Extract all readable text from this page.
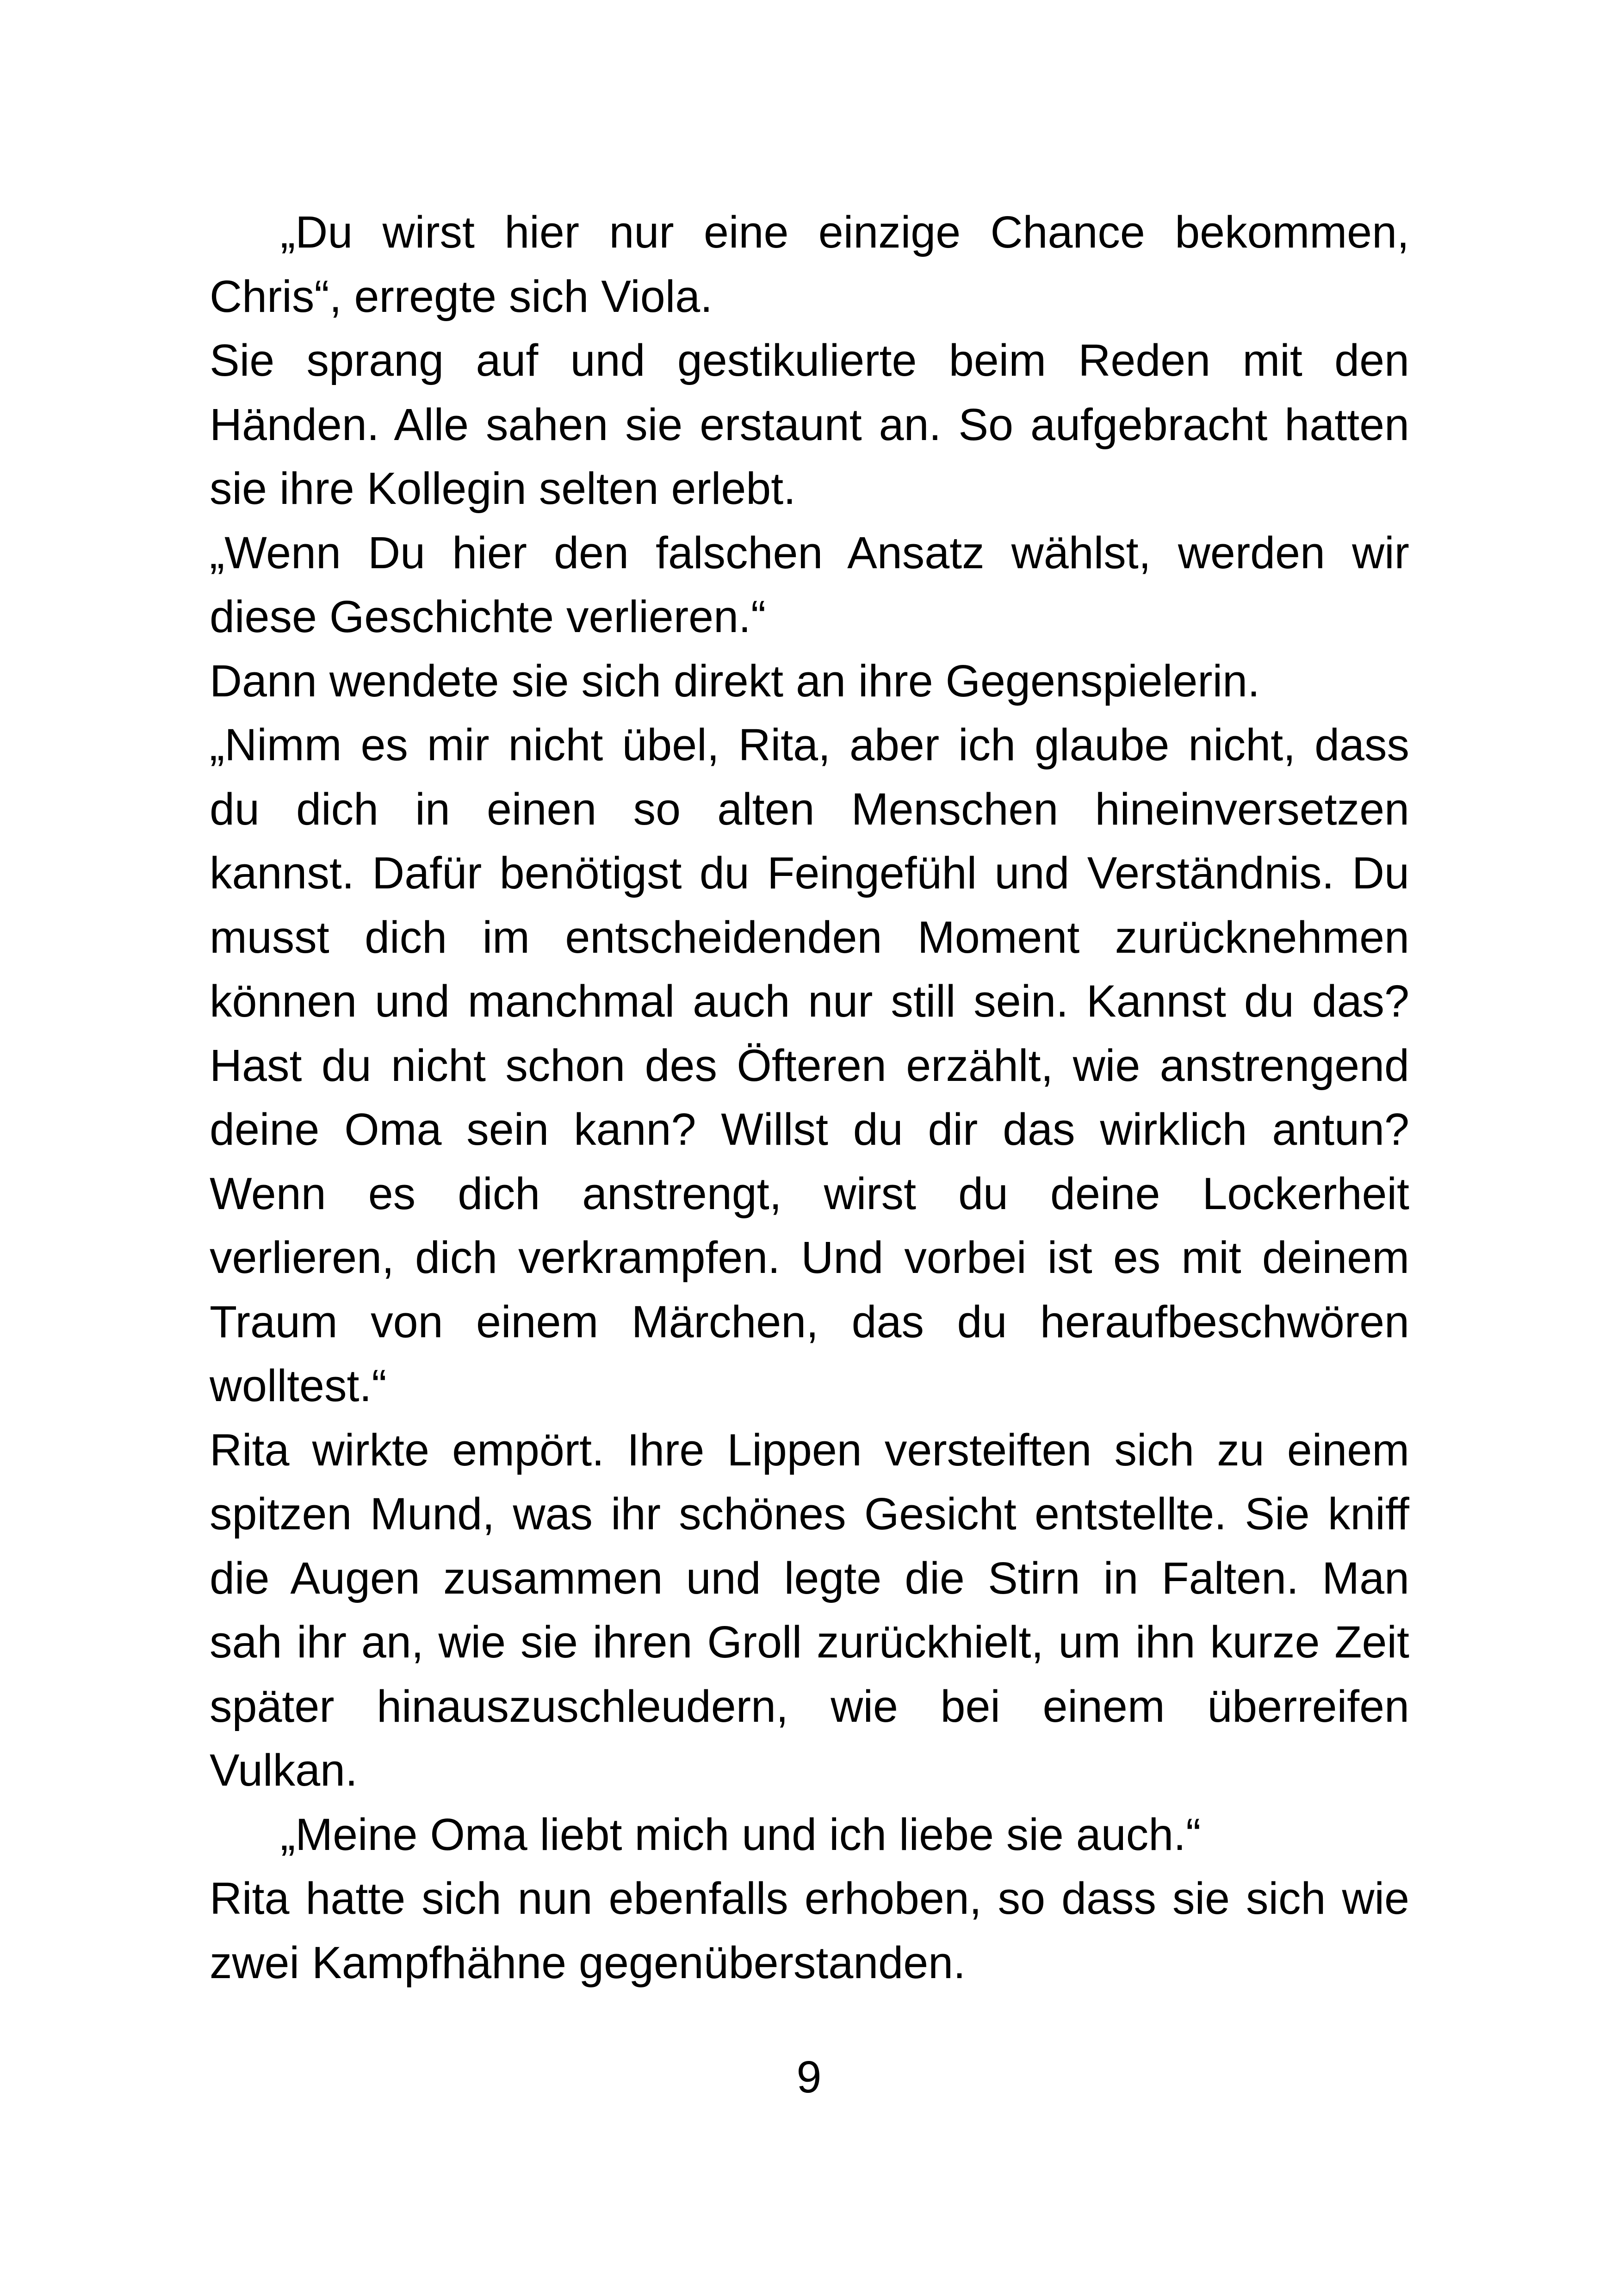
„Du wirst hier nur eine einzige Chance bekommen,
Chris“, erregte sich Viola.
Sie sprang auf und gestikulierte beim Reden mit den
Händen. Alle sahen sie erstaunt an. So aufgebracht hatten
sie ihre Kollegin selten erlebt.
„Wenn Du hier den falschen Ansatz wählst, werden wir
diese Geschichte verlieren.“
Dann wendete sie sich direkt an ihre Gegenspielerin.
„Nimm es mir nicht übel, Rita, aber ich glaube nicht, dass
du dich in einen so alten Menschen hineinversetzen
kannst. Dafür benötigst du Feingefühl und Verständnis. Du
musst dich im entscheidenden Moment zurücknehmen
können und manchmal auch nur still sein. Kannst du das?
Hast du nicht schon des Öfteren erzählt, wie anstrengend
deine Oma sein kann? Willst du dir das wirklich antun?
Wenn es dich anstrengt, wirst du deine Lockerheit
verlieren, dich verkrampfen. Und vorbei ist es mit deinem
Traum von einem Märchen, das du heraufbeschwören
wolltest.“
Rita wirkte empört. Ihre Lippen versteiften sich zu einem
spitzen Mund, was ihr schönes Gesicht entstellte. Sie kniff
die Augen zusammen und legte die Stirn in Falten. Man
sah ihr an, wie sie ihren Groll zurückhielt, um ihn kurze Zeit
später hinauszuschleudern, wie bei einem überreifen
Vulkan.
„Meine Oma liebt mich und ich liebe sie auch.“
Rita hatte sich nun ebenfalls erhoben, so dass sie sich wie
zwei Kampfhähne gegenüberstanden.
9
